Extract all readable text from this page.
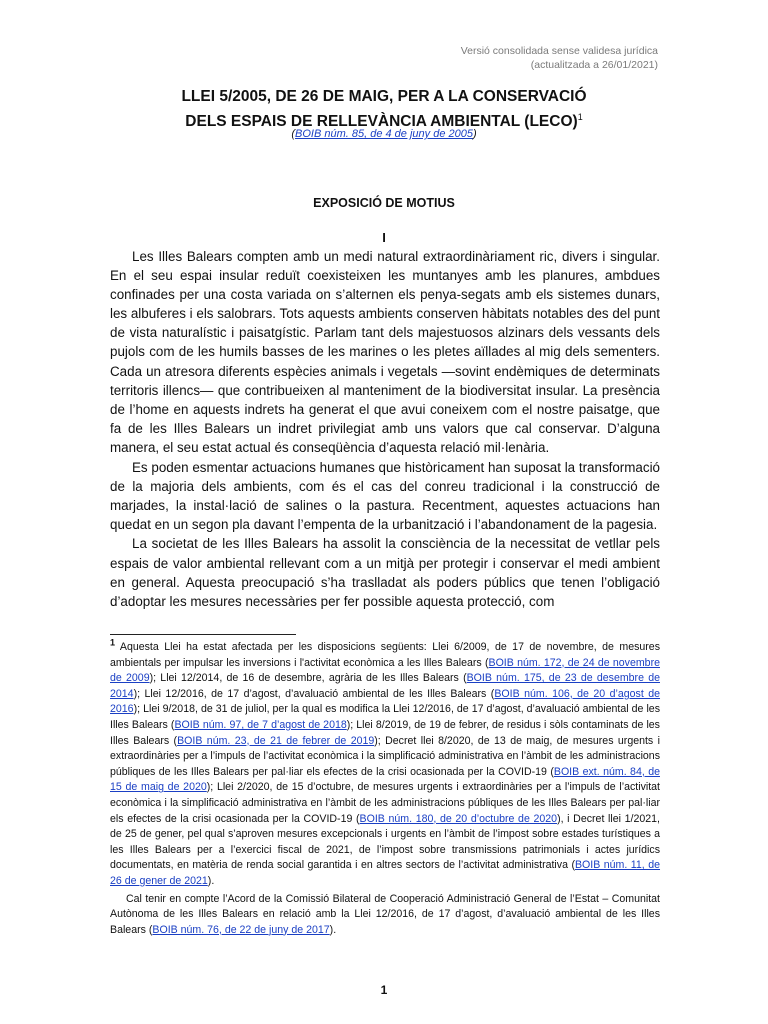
Versió consolidada sense validesa jurídica
(actualitzada a 26/01/2021)
LLEI 5/2005, DE 26 DE MAIG, PER A LA CONSERVACIÓ
DELS ESPAIS DE RELLEVÀNCIA AMBIENTAL (LECO)$^1$
(BOIB núm. 85, de 4 de juny de 2005)
EXPOSICIÓ DE MOTIUS
I

Les Illes Balears compten amb un medi natural extraordinàriament ric, divers i singular. En el seu espai insular reduït coexisteixen les muntanyes amb les planures, ambdues confinades per una costa variada on s’alternen els penya-segats amb els sistemes dunars, les albuferes i els salobrars. Tots aquests ambients conserven hàbitats notables des del punt de vista naturalístic i paisatgístic. Parlam tant dels majestuosos alzinars dels vessants dels pujols com de les humils basses de les marines o les pletes aïllades al mig dels sementers. Cada un atresora diferents espècies animals i vegetals —sovint endèmiques de determinats territoris illencs— que contribueixen al manteniment de la biodiversitat insular. La presència de l’home en aquests indrets ha generat el que avui coneixem com el nostre paisatge, que fa de les Illes Balears un indret privilegiat amb uns valors que cal conservar. D’alguna manera, el seu estat actual és conseqüència d’aquesta relació mil·lenària.

Es poden esmentar actuacions humanes que històricament han suposat la transformació de la majoria dels ambients, com és el cas del conreu tradicional i la construcció de marjades, la instal·lació de salines o la pastura. Recentment, aquestes actuacions han quedat en un segon pla davant l’empenta de la urbanització i l’abandonament de la pagesia.

La societat de les Illes Balears ha assolit la consciència de la necessitat de vetllar pels espais de valor ambiental rellevant com a un mitjà per protegir i conservar el medi ambient en general. Aquesta preocupació s’ha traslladat als poders públics que tenen l’obligació d’adoptar les mesures necessàries per fer possible aquesta protecció, com

$^1$ Aquesta Llei ha estat afectada per les disposicions següents: Llei 6/2009, de 17 de novembre, de mesures ambientals per impulsar les inversions i l'activitat econòmica a les Illes Balears (BOIB núm. 172, de 24 de novembre de 2009); Llei 12/2014, de 16 de desembre, agrària de les Illes Balears (BOIB núm. 175, de 23 de desembre de 2014); Llei 12/2016, de 17 d’agost, d’avaluació ambiental de les Illes Balears (BOIB núm. 106, de 20 d’agost de 2016); Llei 9/2018, de 31 de juliol, per la qual es modifica la Llei 12/2016, de 17 d’agost, d’avaluació ambiental de les Illes Balears (BOIB núm. 97, de 7 d’agost de 2018); Llei 8/2019, de 19 de febrer, de residus i sòls contaminats de les Illes Balears (BOIB núm. 23, de 21 de febrer de 2019); Decret llei 8/2020, de 13 de maig, de mesures urgents i extraordinàries per a l’impuls de l’activitat econòmica i la simplificació administrativa en l’àmbit de les administracions públiques de les Illes Balears per pal·liar els efectes de la crisi ocasionada per la COVID-19 (BOIB ext. núm. 84, de 15 de maig de 2020); Llei 2/2020, de 15 d’octubre, de mesures urgents i extraordinàries per a l’impuls de l’activitat econòmica i la simplificació administrativa en l’àmbit de les administracions públiques de les Illes Balears per pal·liar els efectes de la crisi ocasionada per la COVID-19 (BOIB núm. 180, de 20 d’octubre de 2020), i Decret llei 1/2021, de 25 de gener, pel qual s’aproven mesures excepcionals i urgents en l’àmbit de l’impost sobre estades turístiques a les Illes Balears per a l’exercici fiscal de 2021, de l’impost sobre transmissions patrimonials i actes jurídics documentats, en matèria de renda social garantida i en altres sectors de l’activitat administrativa (BOIB núm. 11, de 26 de gener de 2021).

Cal tenir en compte l’Acord de la Comissió Bilateral de Cooperació Administració General de l’Estat – Comunitat Autònoma de les Illes Balears en relació amb la Llei 12/2016, de 17 d’agost, d’avaluació ambiental de les Illes Balears (BOIB núm. 76, de 22 de juny de 2017).

1
